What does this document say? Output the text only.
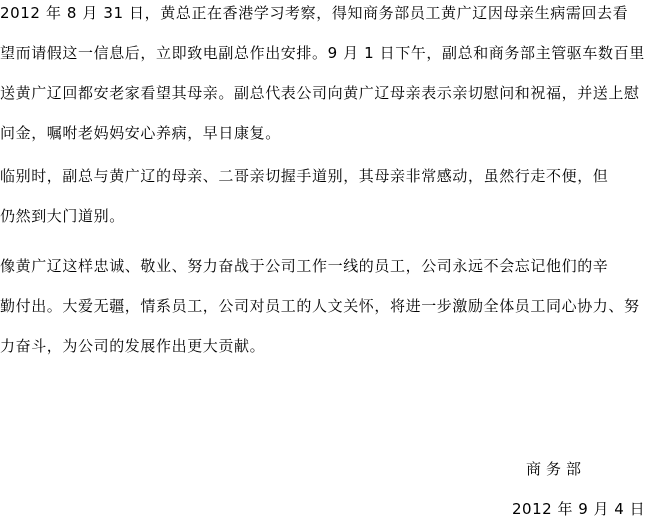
2012 年 8 月 31 日，黄总正在香港学习考察，得知商务部员工黄广辽因母亲生病需回去看
望而请假这一信息后，立即致电副总作出安排。9 月 1 日下午，副总和商务部主管驱车数百里
送黄广辽回都安老家看望其母亲。副总代表公司向黄广辽母亲表示亲切慰问和祝福，并送上慰
问金，嘱咐老妈妈安心养病，早日康复。
临别时，副总与黄广辽的母亲、二哥亲切握手道别，其母亲非常感动，虽然行走不便，但
仍然到大门道别。
像黄广辽这样忠诚、敬业、努力奋战于公司工作一线的员工，公司永远不会忘记他们的辛
勤付出。大爱无疆，情系员工，公司对员工的人文关怀，将进一步激励全体员工同心协力、努
力奋斗，为公司的发展作出更大贡献。
商务部
2012 年 9 月 4 日
